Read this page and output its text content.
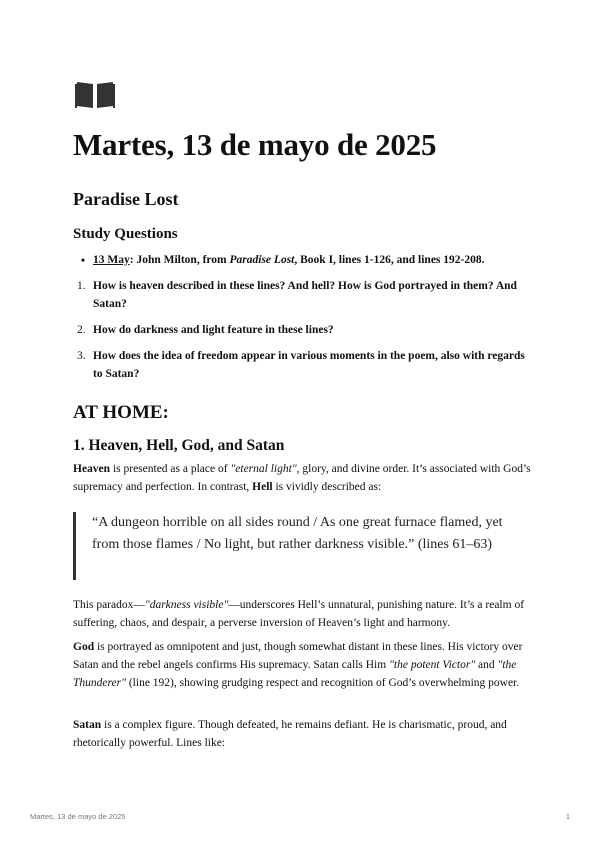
Martes, 13 de mayo de 2025
Paradise Lost
Study Questions
• 13 May: John Milton, from Paradise Lost, Book I, lines 1-126, and lines 192-208.
1. How is heaven described in these lines? And hell? How is God portrayed in them? And Satan?
2. How do darkness and light feature in these lines?
3. How does the idea of freedom appear in various moments in the poem, also with regards to Satan?
AT HOME:
1. Heaven, Hell, God, and Satan

Heaven is presented as a place of "eternal light", glory, and divine order. It’s associated with God’s supremacy and perfection. In contrast, Hell is vividly described as:

“A dungeon horrible on all sides round / As one great furnace flamed, yet from those flames / No light, but rather darkness visible.” (lines 61–63)

This paradox—"darkness visible"—underscores Hell’s unnatural, punishing nature. It’s a realm of suffering, chaos, and despair, a perverse inversion of Heaven’s light and harmony.

God is portrayed as omnipotent and just, though somewhat distant in these lines. His victory over Satan and the rebel angels confirms His supremacy. Satan calls Him "the potent Victor" and "the Thunderer" (line 192), showing grudging respect and recognition of God’s overwhelming power.

Satan is a complex figure. Though defeated, he remains defiant. He is charismatic, proud, and rhetorically powerful. Lines like:

Martes, 13 de mayo de 2025	1
